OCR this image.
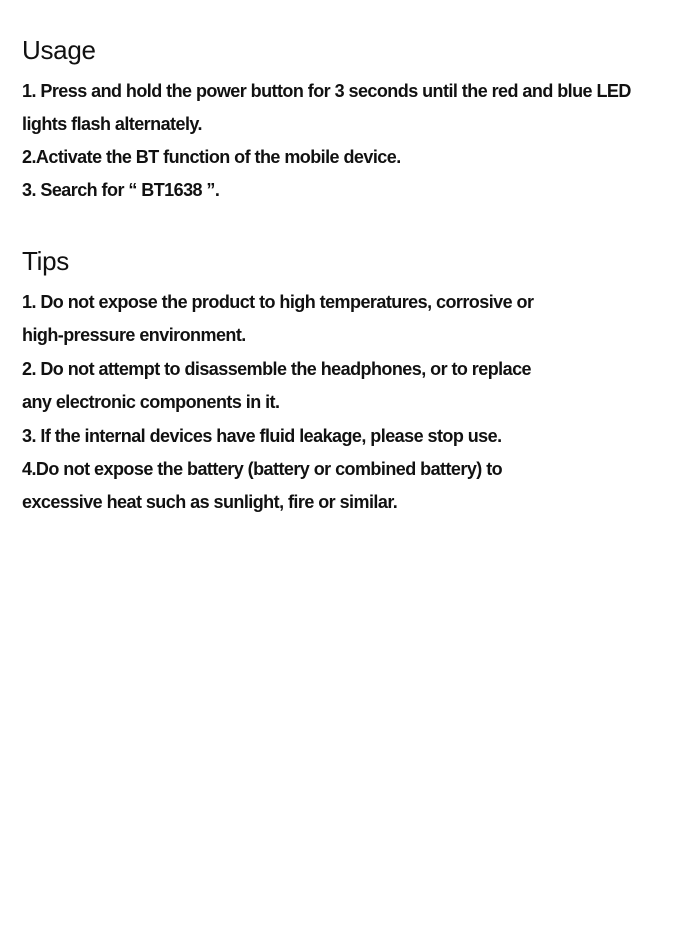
Usage
1. Press and hold the power button for 3 seconds until the red and blue LED
lights flash alternately.
2.Activate the BT function of the mobile device.
3. Search for “ BT1638 ”.
Tips
1. Do not expose the product to high temperatures, corrosive or
high-pressure environment.
2. Do not attempt to disassemble the headphones, or to replace
any electronic components in it.
3. If the internal devices have fluid leakage, please stop use.
4.Do not expose the battery (battery or combined battery) to
excessive heat such as sunlight, fire or similar.
